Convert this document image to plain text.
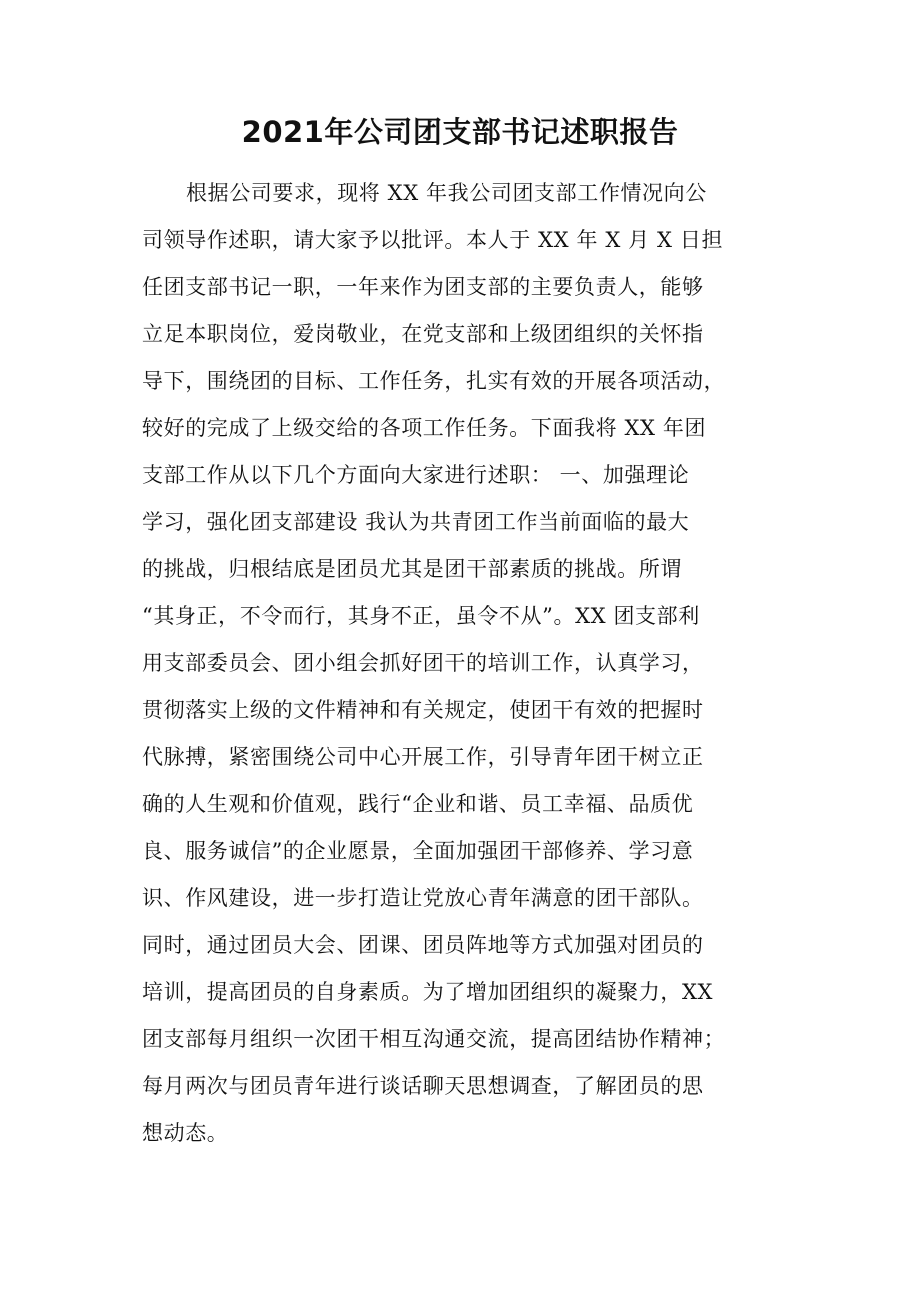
2021年公司团支部书记述职报告
根据公司要求，现将 XX 年我公司团支部工作情况向公
司领导作述职，请大家予以批评。本人于 XX 年 X 月 X 日担
任团支部书记一职，一年来作为团支部的主要负责人，能够
立足本职岗位，爱岗敬业，在党支部和上级团组织的关怀指
导下，围绕团的目标、工作任务，扎实有效的开展各项活动，
较好的完成了上级交给的各项工作任务。下面我将 XX 年团
支部工作从以下几个方面向大家进行述职： 一、加强理论
学习，强化团支部建设 我认为共青团工作当前面临的最大
的挑战，归根结底是团员尤其是团干部素质的挑战。所谓
“其身正，不令而行，其身不正，虽令不从”。XX 团支部利
用支部委员会、团小组会抓好团干的培训工作，认真学习，
贯彻落实上级的文件精神和有关规定，使团干有效的把握时
代脉搏，紧密围绕公司中心开展工作，引导青年团干树立正
确的人生观和价值观，践行“企业和谐、员工幸福、品质优
良、服务诚信”的企业愿景，全面加强团干部修养、学习意
识、作风建设，进一步打造让党放心青年满意的团干部队。
同时，通过团员大会、团课、团员阵地等方式加强对团员的
培训，提高团员的自身素质。为了增加团组织的凝聚力，XX
团支部每月组织一次团干相互沟通交流，提高团结协作精神；
每月两次与团员青年进行谈话聊天思想调查，了解团员的思
想动态。
